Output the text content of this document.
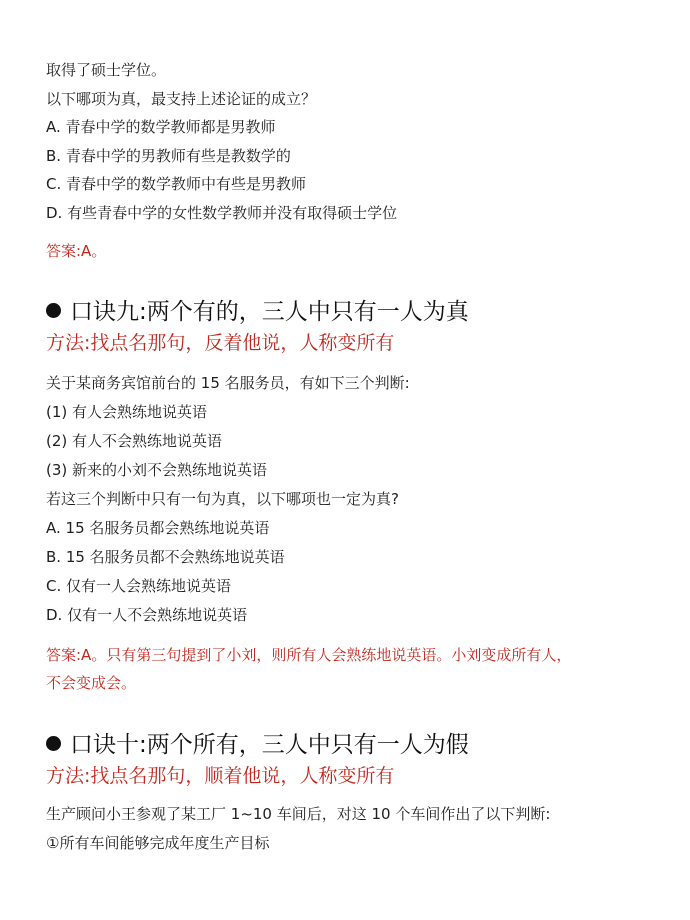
取得了硕士学位。
以下哪项为真，最支持上述论证的成立？
A. 青春中学的数学教师都是男教师
B. 青春中学的男教师有些是教数学的
C. 青春中学的数学教师中有些是男教师
D. 有些青春中学的女性数学教师并没有取得硕士学位
答案:A。
口诀九:两个有的，三人中只有一人为真
方法:找点名那句，反着他说，人称变所有
关于某商务宾馆前台的 15 名服务员，有如下三个判断:
(1) 有人会熟练地说英语
(2) 有人不会熟练地说英语
(3) 新来的小刘不会熟练地说英语
若这三个判断中只有一句为真，以下哪项也一定为真?
A. 15 名服务员都会熟练地说英语
B. 15 名服务员都不会熟练地说英语
C. 仅有一人会熟练地说英语
D. 仅有一人不会熟练地说英语
答案:A。只有第三句提到了小刘，则所有人会熟练地说英语。小刘变成所有人，
不会变成会。
口诀十:两个所有，三人中只有一人为假
方法:找点名那句，顺着他说，人称变所有
生产顾问小王参观了某工厂 1~10 车间后，对这 10 个车间作出了以下判断:
①所有车间能够完成年度生产目标
